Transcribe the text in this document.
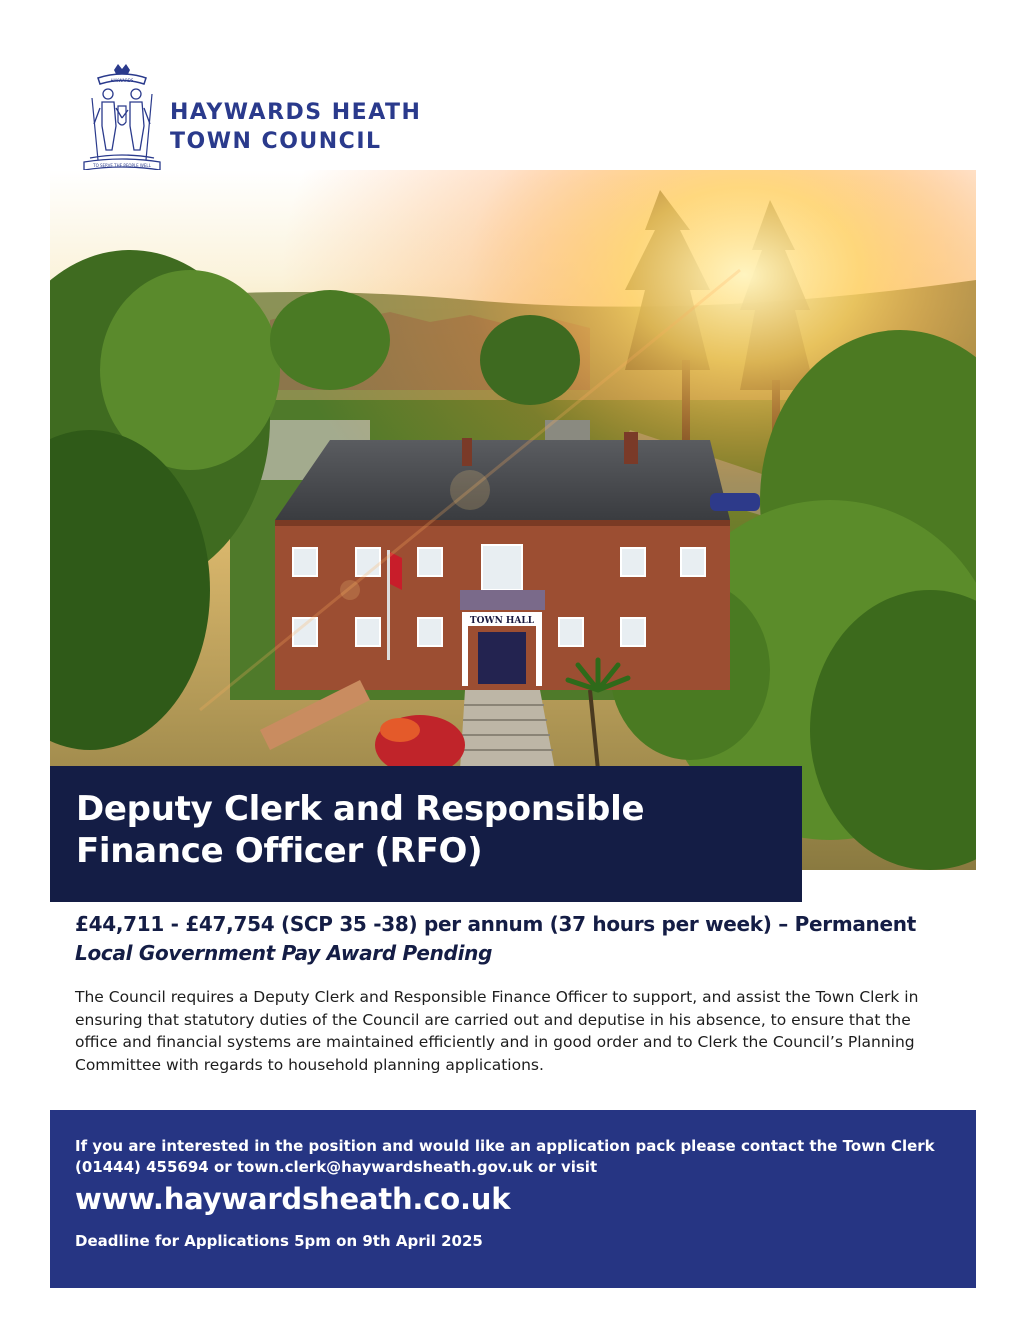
HAYWARDS
TO SERVE THE PEOPLE WELL
HAYWARDS HEATH
TOWN COUNCIL
TOWN HALL
Deputy Clerk and Responsible
Finance Officer (RFO)
£44,711 - £47,754 (SCP 35 -38) per annum (37 hours per week) – Permanent
Local Government Pay Award Pending
The Council requires a Deputy Clerk and Responsible Finance Officer to support, and assist the Town Clerk in ensuring that statutory duties of the Council are carried out and deputise in his absence, to ensure that the office and financial systems are maintained efficiently and in good order and to Clerk the Council’s Planning Committee with regards to household planning applications.
If you are interested in the position and would like an application pack please contact the Town Clerk (01444) 455694 or town.clerk@haywardsheath.gov.uk or visit
www.haywardsheath.co.uk
Deadline for Applications 5pm on 9th April 2025
